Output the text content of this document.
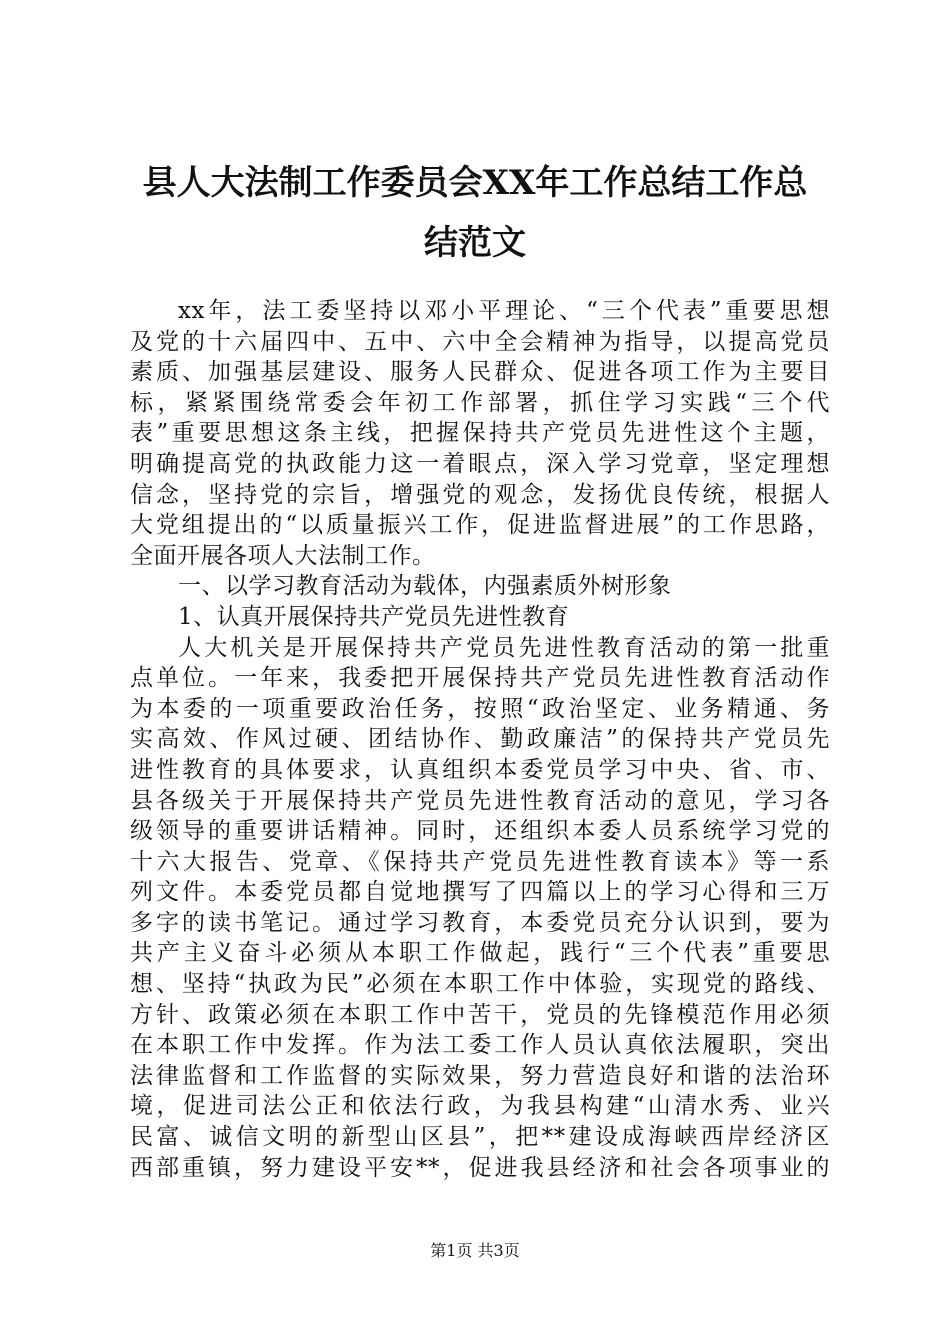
县人大法制工作委员会XX年工作总结工作总
结范文
xx年，法工委坚持以邓小平理论、“三个代表”重要思想
及党的十六届四中、五中、六中全会精神为指导，以提高党员
素质、加强基层建设、服务人民群众、促进各项工作为主要目
标，紧紧围绕常委会年初工作部署，抓住学习实践“三个代
表”重要思想这条主线，把握保持共产党员先进性这个主题，
明确提高党的执政能力这一着眼点，深入学习党章，坚定理想
信念，坚持党的宗旨，增强党的观念，发扬优良传统，根据人
大党组提出的“以质量振兴工作，促进监督进展”的工作思路，
全面开展各项人大法制工作。
一、以学习教育活动为载体，内强素质外树形象
1、认真开展保持共产党员先进性教育
人大机关是开展保持共产党员先进性教育活动的第一批重
点单位。一年来，我委把开展保持共产党员先进性教育活动作
为本委的一项重要政治任务，按照“政治坚定、业务精通、务
实高效、作风过硬、团结协作、勤政廉洁”的保持共产党员先
进性教育的具体要求，认真组织本委党员学习中央、省、市、
县各级关于开展保持共产党员先进性教育活动的意见，学习各
级领导的重要讲话精神。同时，还组织本委人员系统学习党的
十六大报告、党章、《保持共产党员先进性教育读本》等一系
列文件。本委党员都自觉地撰写了四篇以上的学习心得和三万
多字的读书笔记。通过学习教育，本委党员充分认识到，要为
共产主义奋斗必须从本职工作做起，践行“三个代表”重要思
想、坚持“执政为民”必须在本职工作中体验，实现党的路线、
方针、政策必须在本职工作中苦干，党员的先锋模范作用必须
在本职工作中发挥。作为法工委工作人员认真依法履职，突出
法律监督和工作监督的实际效果，努力营造良好和谐的法治环
境，促进司法公正和依法行政，为我县构建“山清水秀、业兴
民富、诚信文明的新型山区县”，把**建设成海峡西岸经济区
西部重镇，努力建设平安**，促进我县经济和社会各项事业的
第1页 共3页
